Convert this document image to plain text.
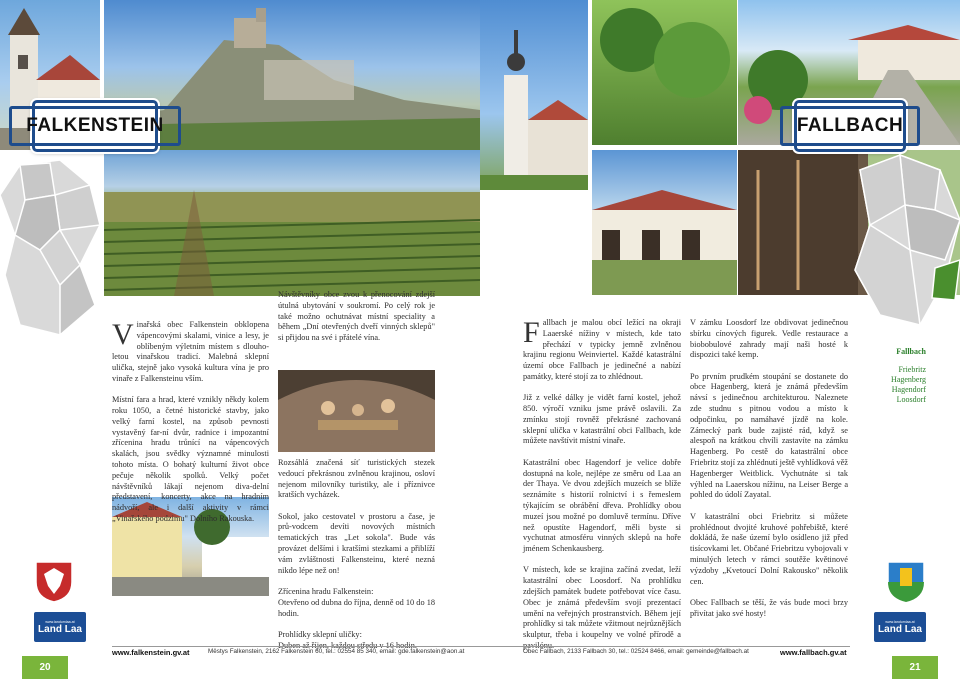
FALKENSTEIN

Vinařská obec Falkenstein obklopena vápencovými skalami, vinice a lesy, je oblíbeným výletním místem s dlouho-letou vinařskou tradicí. Malebná sklepní ulička, stejně jako vysoká kultura vína je pro vinaře z Falkensteinu vším.

Místní fara a hrad, které vznikly někdy kolem roku 1050, a četné historické stavby, jako velký farní kostel, na způsob pevnosti vystavěný far-ní dvůr, radnice i impozantní zřícenina hradu trůnící na vápencových skalách, jsou svědky významné minulosti tohoto místa. O bohatý kulturní život obce pečuje několik spolků. Velký počet návštěvníků lákají nejenom diva-delní představení, koncerty, akce na hradním nádvoří, ale i další aktivity v rámci „Vinařského podzimu" Dolního Rakouska.

Návštěvníky obce zvou k přenocování zdejší útulná ubytování v soukromí. Po celý rok je také možno ochutnávat místní speciality a během „Dní otevřených dveří vinných sklepů" si přijdou na své i přátelé vína.

Rozsáhlá značená síť turistických stezek vedoucí překrásnou zvlněnou krajinou, osloví nejenom milovníky turistiky, ale i příznivce kratších vycházek.

Sokol, jako cestovatel v prostoru a čase, je prů-vodcem devíti novových místních tematických tras „Let sokola". Bude vás provázet delšími i kratšími stezkami a přiblíží vám zvláštnosti Falkensteinu, které nezná nikdo lépe než on!

Zřícenina hradu Falkenstein:
Otevřeno od dubna do října, denně od 10 do 18 hodin.

Prohlídky sklepní uličky:

www.landumlaa.at
Land Laa
www.falkenstein.gv.at	Městys Falkenstein, 2162 Falkenstein 60, tel.: 02554 85 340, email: gde.falkenstein@aon.at
20
FALLBACH

Fallbach je malou obcí ležící na okraji Laaerské nížiny v místech, kde tato přechází v typicky jemně zvlněnou krajinu regionu Weinviertel. Každé katastrální území obce Fallbach je jedinečné a nabízí památky, které stojí za to zhlédnout.

Již z velké dálky je vidět farní kostel, jehož 850. výročí vzniku jsme právě oslavili. Za zmínku stojí rovněž překrásné zachovaná sklepní ulička v katastrální obci Fallbach, kde můžete navštívit místní vinaře.

Katastrální obec Hagendorf je velice dobře dostupná na kole, nejlépe ze směru od Laa an der Thaya. Ve dvou zdejších muzeích se blíže seznámíte s historií rolnictví i s řemeslem týkajícím se obrábění dřeva. Prohlídky obou muzeí jsou možné po domluvě termínu. Dříve než opustíte Hagendorf, měli byste si vychutnat atmosféru vinných sklepů na hoře jménem Schenkausberg.

V místech, kde se krajina začíná zvedat, leží katastrální obec Loosdorf. Na prohlídku zdejších památek budete potřebovat více času. Obec je známá především svojí prezentací umění na veřejných prostranstvích. Během její prohlídky si tak můžete vžitmout nejrůznějších skulptur, třeba i koupelny ve volné přírodě a

V zámku Loosdorf lze obdivovat jedinečnou sbírku cínových figurek. Vedle restaurace a biobobulové zahrady mají naši hosté k dispozici také kemp.

Po prvním prudkém stoupání se dostanete do obce Hagenberg, která je známá především návsí s jedinečnou architekturou. Naleznete zde studnu s pitnou vodou a místo k odpočinku, po namáhavé jízdě na kole. Zámecký park bude zajisté rád, když se alespoň na krátkou chvíli zastavíte na zámku Hagenberg. Po cestě do katastrální obce Friebritz stojí za zhlédnutí ještě vyhlídková věž Hagenberger Weitblick. Vychutnáte si tak výhled na Laaerskou nížinu, na Leiser Berge a pohled do údolí Zayatal.

V katastrální obci Friebritz si můžete prohlédnout dvojité kruhové pohřebiště, které dokládá, že naše území bylo osídleno již před tisícovkami let. Občané Friebritzu vybojovali v minulých letech v rámci soutěže květinové výzdoby „Kvetoucí Dolní Rakousko" několik cen.

Obec Fallbach se těší, že vás bude moci brzy přivítat jako své hosty!

Fallbach
Friebritz
Hagenberg
Hagendorf
Loosdorf
www.landumlaa.at
Land Laa
Obec Fallbach, 2133 Fallbach 30, tel.: 02524 8466, email: gemeinde@fallbach.at	www.fallbach.gv.at
21
